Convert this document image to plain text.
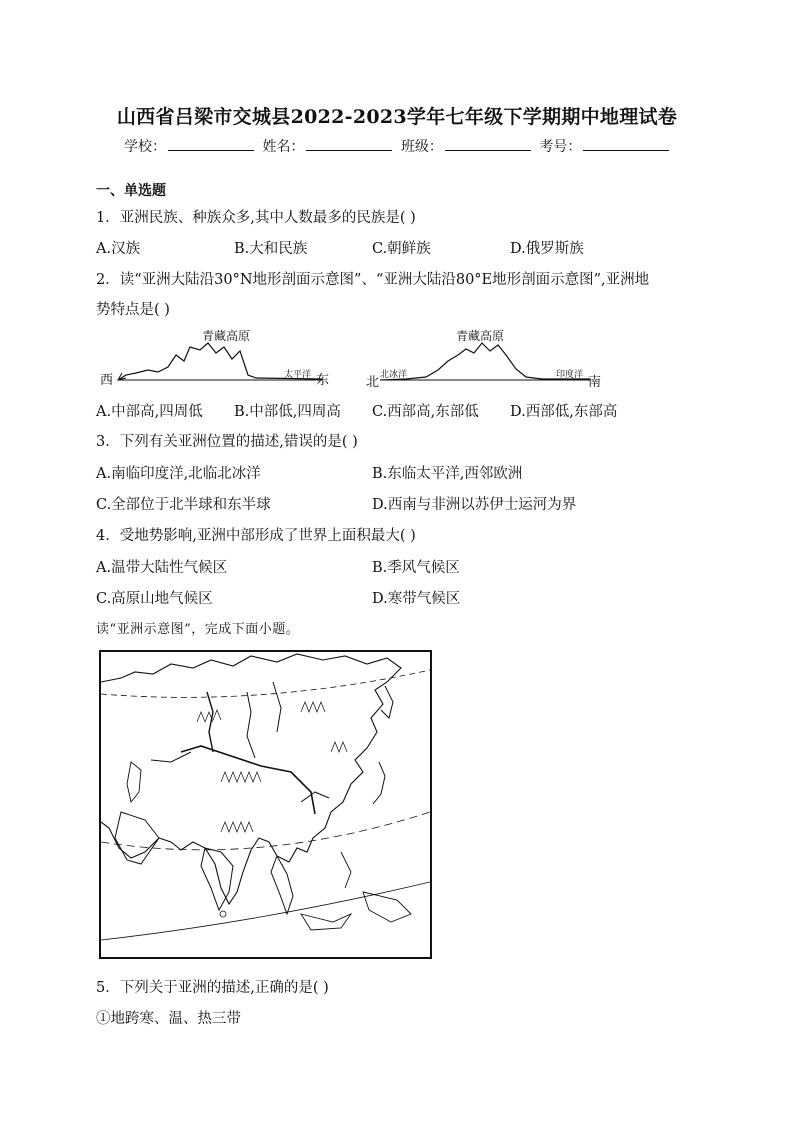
山西省吕梁市交城县2022-2023学年七年级下学期期中地理试卷
学校：	姓名：	班级：	考号：
一、单选题
1．亚洲民族、种族众多,其中人数最多的民族是( )
A.汉族	B.大和民族	C.朝鲜族	D.俄罗斯族
2．读“亚洲大陆沿30°N地形剖面示意图”、“亚洲大陆沿80°E地形剖面示意图”,亚洲地
势特点是( )
青藏高原
太平洋
西	东
青藏高原
北冰洋	印度洋
北	南
A.中部高,四周低 B.中部低,四周高 C.西部高,东部低 D.西部低,东部高
3．下列有关亚洲位置的描述,错误的是( )
A.南临印度洋,北临北冰洋	B.东临太平洋,西邻欧洲
C.全部位于北半球和东半球	D.西南与非洲以苏伊士运河为界
4．受地势影响,亚洲中部形成了世界上面积最大( )
A.温带大陆性气候区	B.季风气候区
C.高原山地气候区	D.寒带气候区
读“亚洲示意图”，完成下面小题。
5．下列关于亚洲的描述,正确的是( )
①地跨寒、温、热三带
